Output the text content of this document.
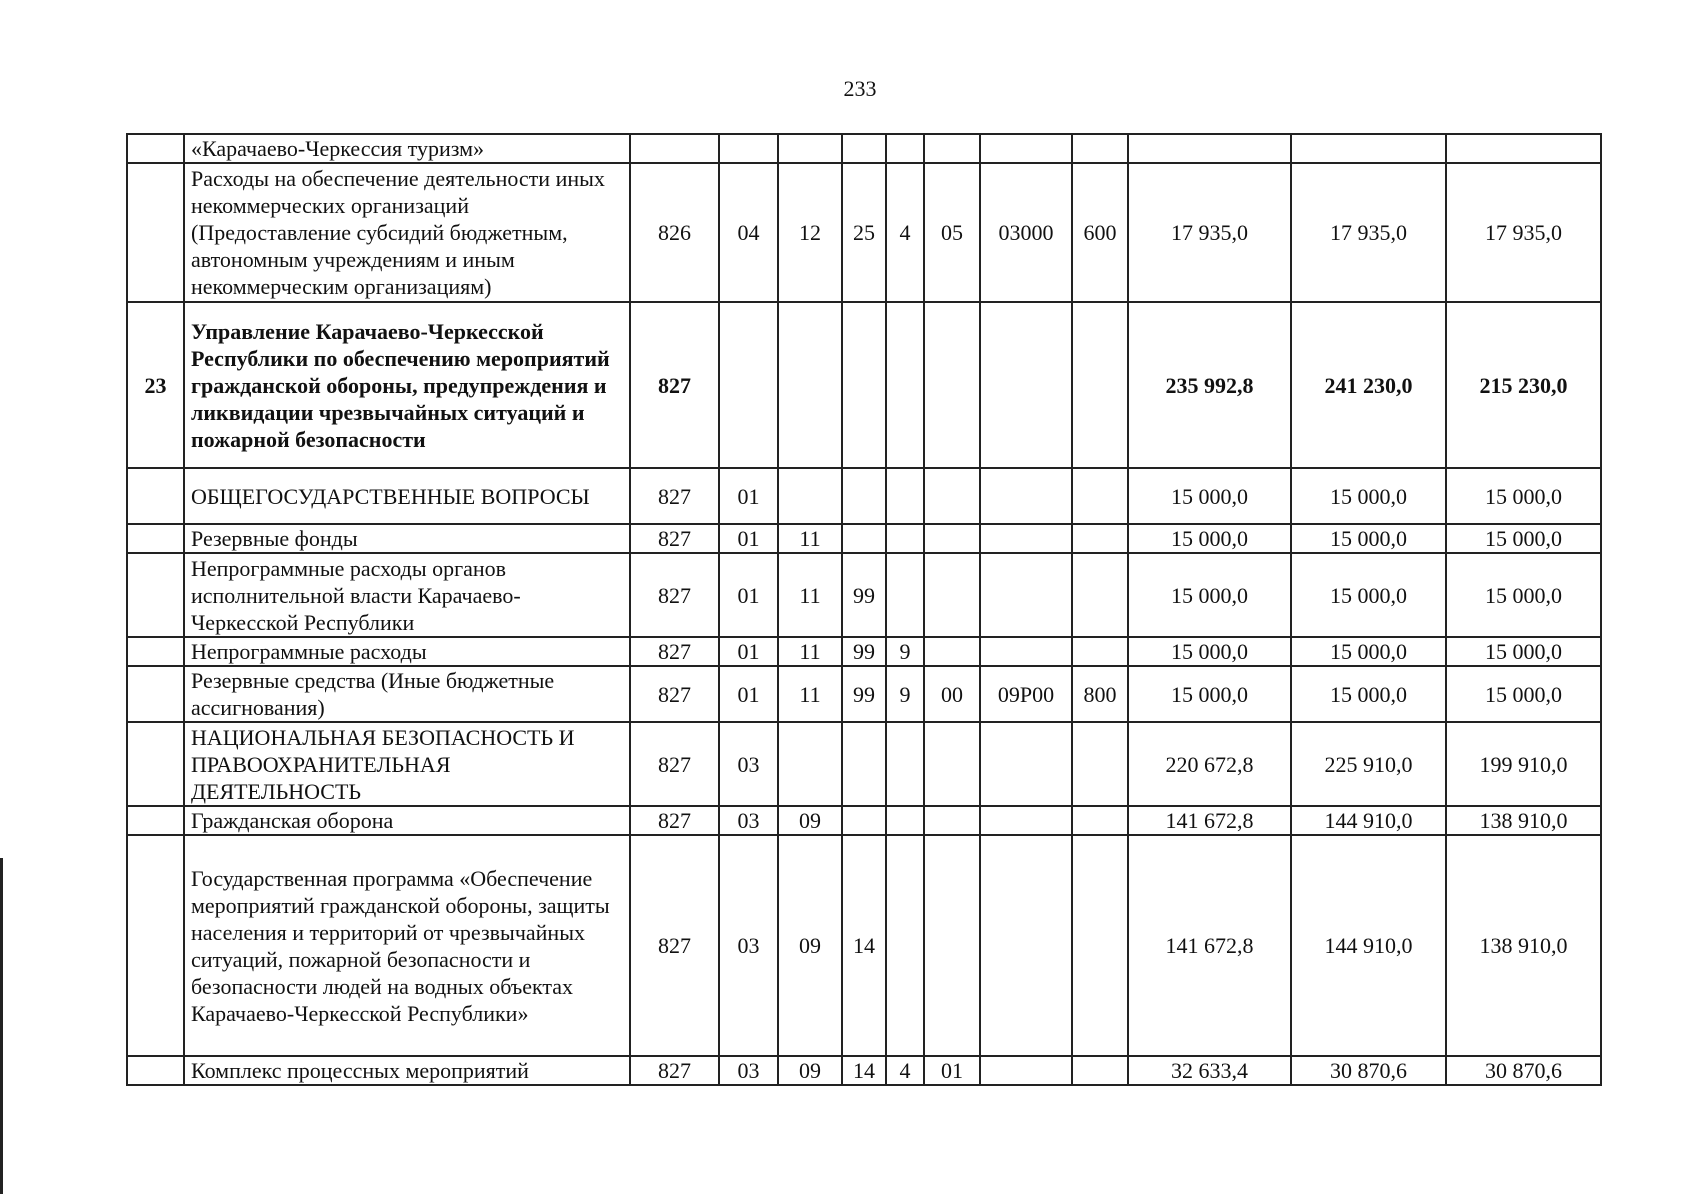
233
	«Карачаево-Черкессия туризм»											
	Расходы на обеспечение деятельности иных некоммерческих организаций (Предоставление субсидий бюджетным, автономным учреждениям и иным некоммерческим организациям)	826	04	12	25	4	05	03000	600	17 935,0	17 935,0	17 935,0
23	Управление Карачаево-Черкесской Республики по обеспечению мероприятий гражданской обороны, предупреждения и ликвидации чрезвычайных ситуаций и пожарной безопасности	827								235 992,8	241 230,0	215 230,0
	ОБЩЕГОСУДАРСТВЕННЫЕ ВОПРОСЫ	827	01							15 000,0	15 000,0	15 000,0
	Резервные фонды	827	01	11						15 000,0	15 000,0	15 000,0
	Непрограммные расходы органов исполнительной власти Карачаево-Черкесской Республики	827	01	11	99					15 000,0	15 000,0	15 000,0
	Непрограммные расходы	827	01	11	99	9				15 000,0	15 000,0	15 000,0
	Резервные средства (Иные бюджетные ассигнования)	827	01	11	99	9	00	09Р00	800	15 000,0	15 000,0	15 000,0
	НАЦИОНАЛЬНАЯ БЕЗОПАСНОСТЬ И ПРАВООХРАНИТЕЛЬНАЯ ДЕЯТЕЛЬНОСТЬ	827	03							220 672,8	225 910,0	199 910,0
	Гражданская оборона	827	03	09						141 672,8	144 910,0	138 910,0
	Государственная программа «Обеспечение мероприятий гражданской обороны, защиты населения и территорий от чрезвычайных ситуаций, пожарной безопасности и безопасности людей на водных объектах Карачаево-Черкесской Республики»	827	03	09	14					141 672,8	144 910,0	138 910,0
	Комплекс процессных мероприятий	827	03	09	14	4	01			32 633,4	30 870,6	30 870,6
